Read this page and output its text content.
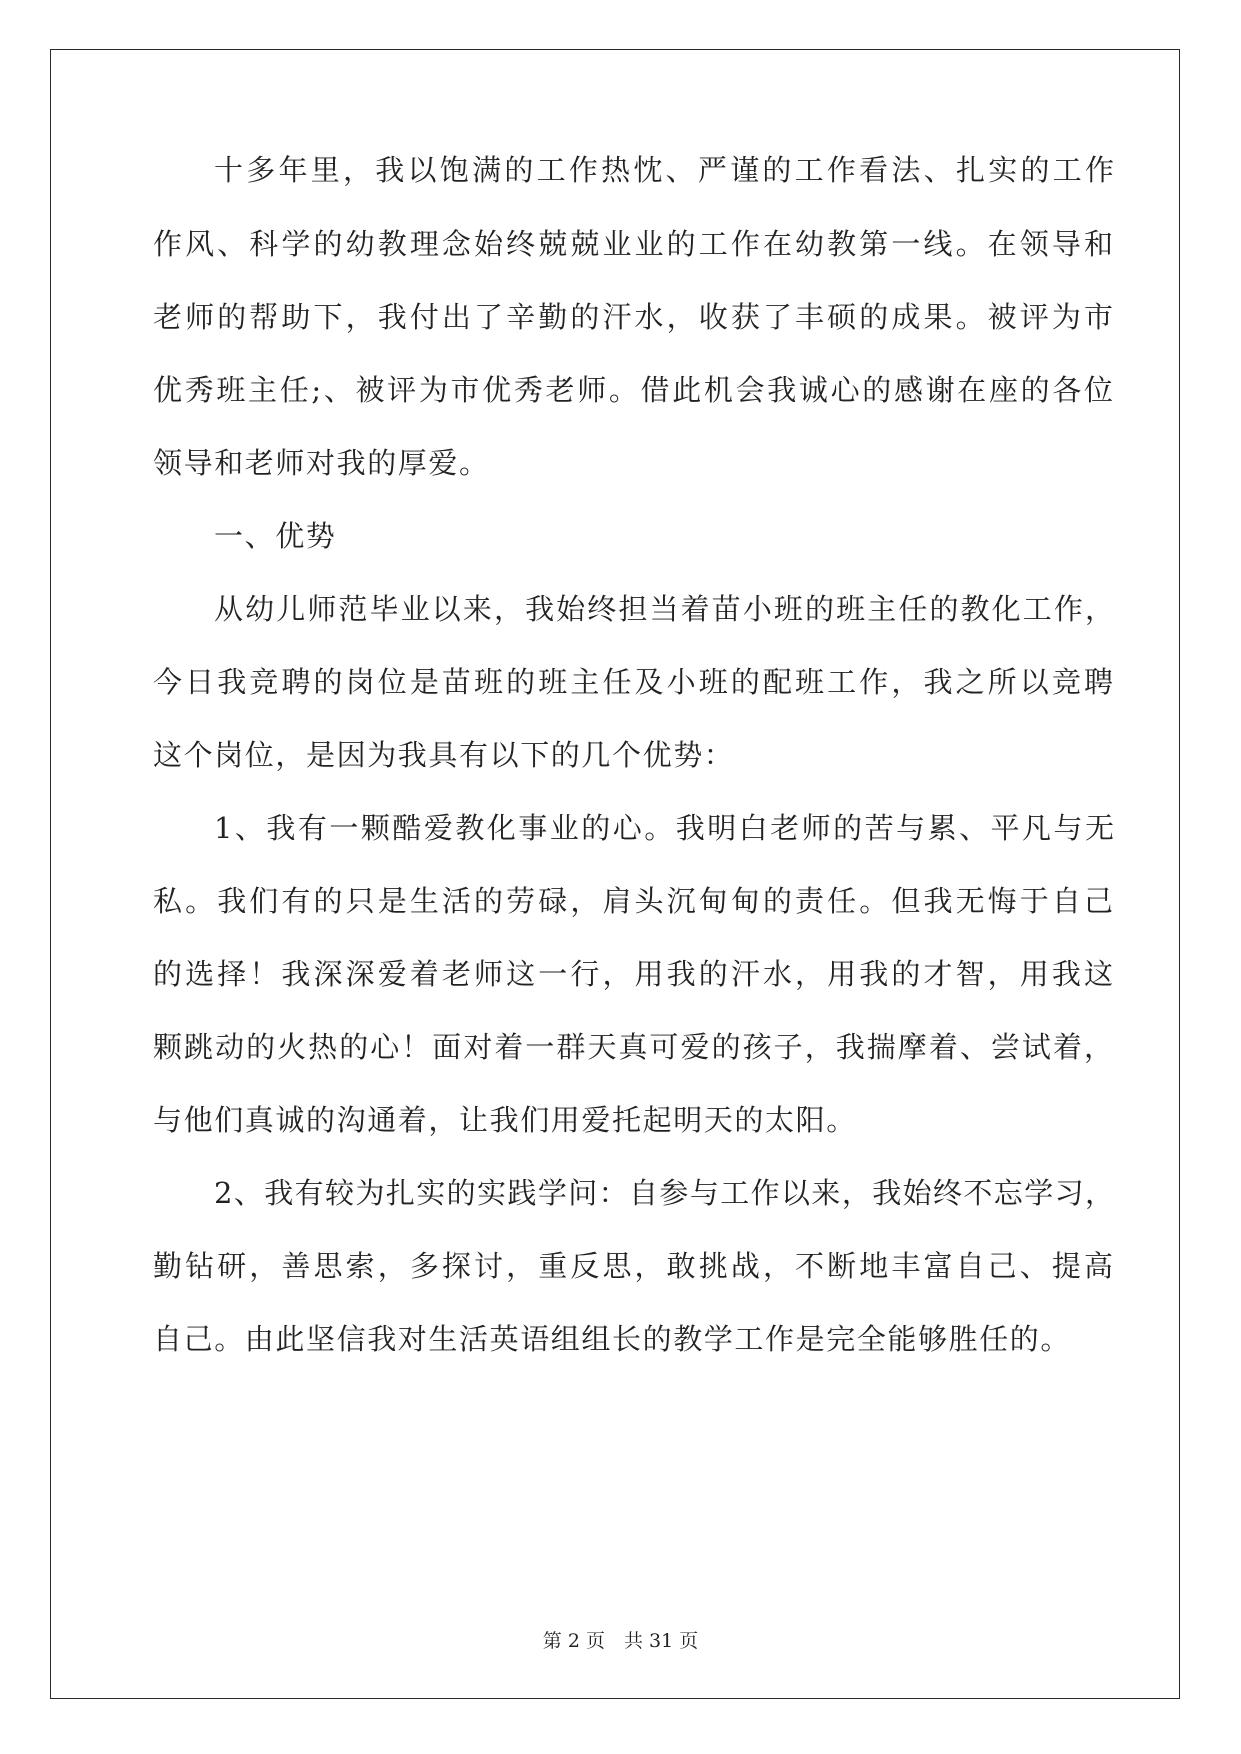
十多年里，我以饱满的工作热忱、严谨的工作看法、扎实的工作

作风、科学的幼教理念始终兢兢业业的工作在幼教第一线。在领导和

老师的帮助下，我付出了辛勤的汗水，收获了丰硕的成果。被评为市

优秀班主任;、被评为市优秀老师。借此机会我诚心的感谢在座的各位

领导和老师对我的厚爱。

一、优势

从幼儿师范毕业以来，我始终担当着苗小班的班主任的教化工作，

今日我竞聘的岗位是苗班的班主任及小班的配班工作，我之所以竞聘

这个岗位，是因为我具有以下的几个优势：

1、我有一颗酷爱教化事业的心。我明白老师的苦与累、平凡与无

私。我们有的只是生活的劳碌，肩头沉甸甸的责任。但我无悔于自己

的选择！我深深爱着老师这一行，用我的汗水，用我的才智，用我这

颗跳动的火热的心！面对着一群天真可爱的孩子，我揣摩着、尝试着，

与他们真诚的沟通着，让我们用爱托起明天的太阳。

2、我有较为扎实的实践学问：自参与工作以来，我始终不忘学习，

勤钻研，善思索，多探讨，重反思，敢挑战，不断地丰富自己、提高

自己。由此坚信我对生活英语组组长的教学工作是完全能够胜任的。

第 2 页　共 31 页
